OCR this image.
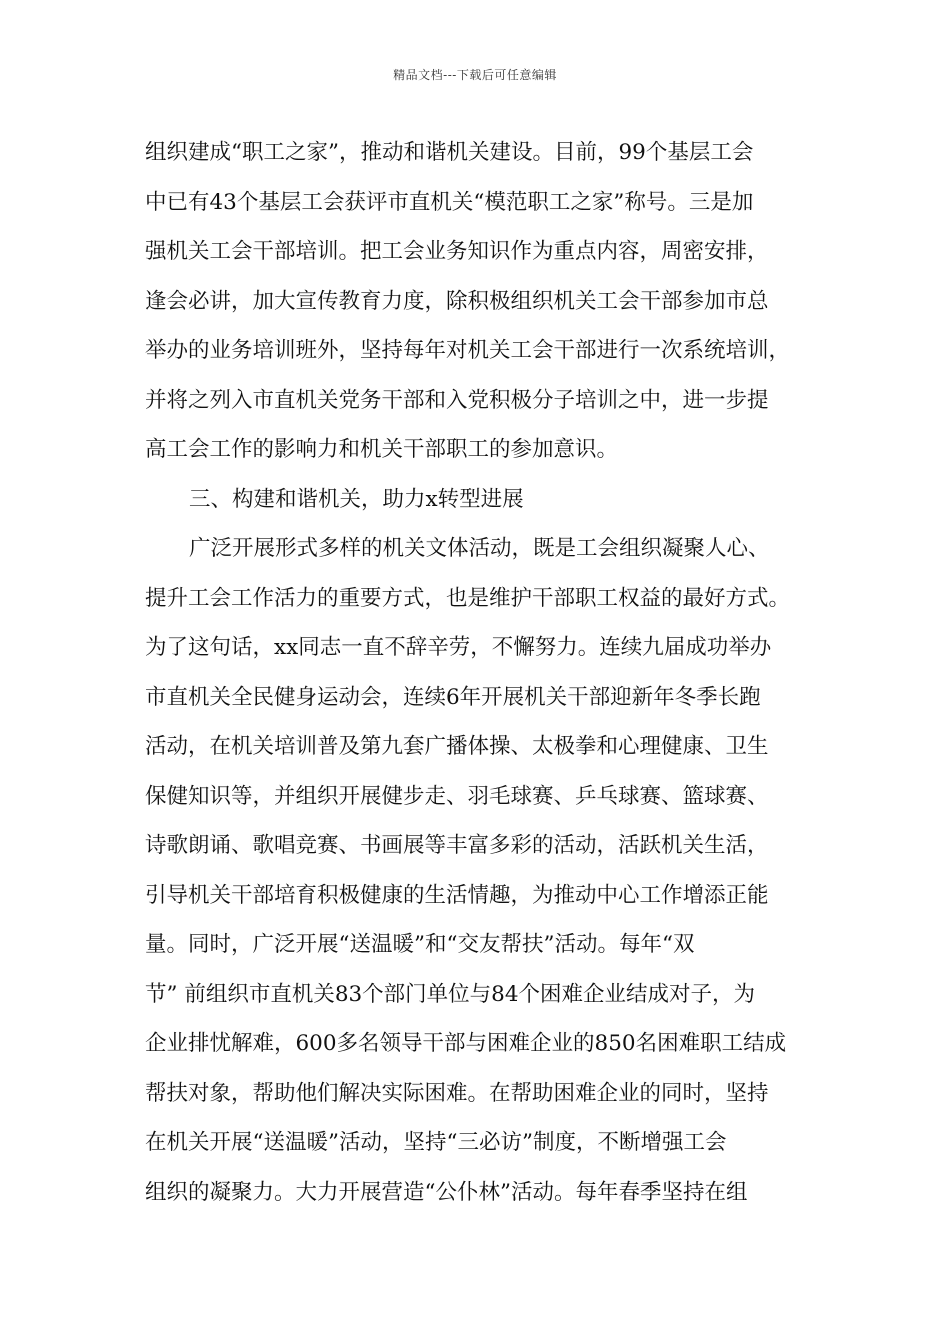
精品文档---下载后可任意编辑
组织建成“职工之家”，推动和谐机关建设。目前，99个基层工会
中已有43个基层工会获评市直机关“模范职工之家”称号。三是加
强机关工会干部培训。把工会业务知识作为重点内容，周密安排，
逢会必讲，加大宣传教育力度，除积极组织机关工会干部参加市总
举办的业务培训班外，坚持每年对机关工会干部进行一次系统培训，
并将之列入市直机关党务干部和入党积极分子培训之中，进一步提
高工会工作的影响力和机关干部职工的参加意识。
三、构建和谐机关，助力x转型进展
广泛开展形式多样的机关文体活动，既是工会组织凝聚人心、
提升工会工作活力的重要方式，也是维护干部职工权益的最好方式。
为了这句话，xx同志一直不辞辛劳，不懈努力。连续九届成功举办
市直机关全民健身运动会，连续6年开展机关干部迎新年冬季长跑
活动，在机关培训普及第九套广播体操、太极拳和心理健康、卫生
保健知识等，并组织开展健步走、羽毛球赛、乒乓球赛、篮球赛、
诗歌朗诵、歌唱竞赛、书画展等丰富多彩的活动，活跃机关生活，
引导机关干部培育积极健康的生活情趣，为推动中心工作增添正能
量。同时，广泛开展“送温暖”和“交友帮扶”活动。每年“双
节” 前组织市直机关83个部门单位与84个困难企业结成对子，为
企业排忧解难，600多名领导干部与困难企业的850名困难职工结成
帮扶对象，帮助他们解决实际困难。在帮助困难企业的同时，坚持
在机关开展“送温暖”活动，坚持“三必访”制度，不断增强工会
组织的凝聚力。大力开展营造“公仆林”活动。每年春季坚持在组
